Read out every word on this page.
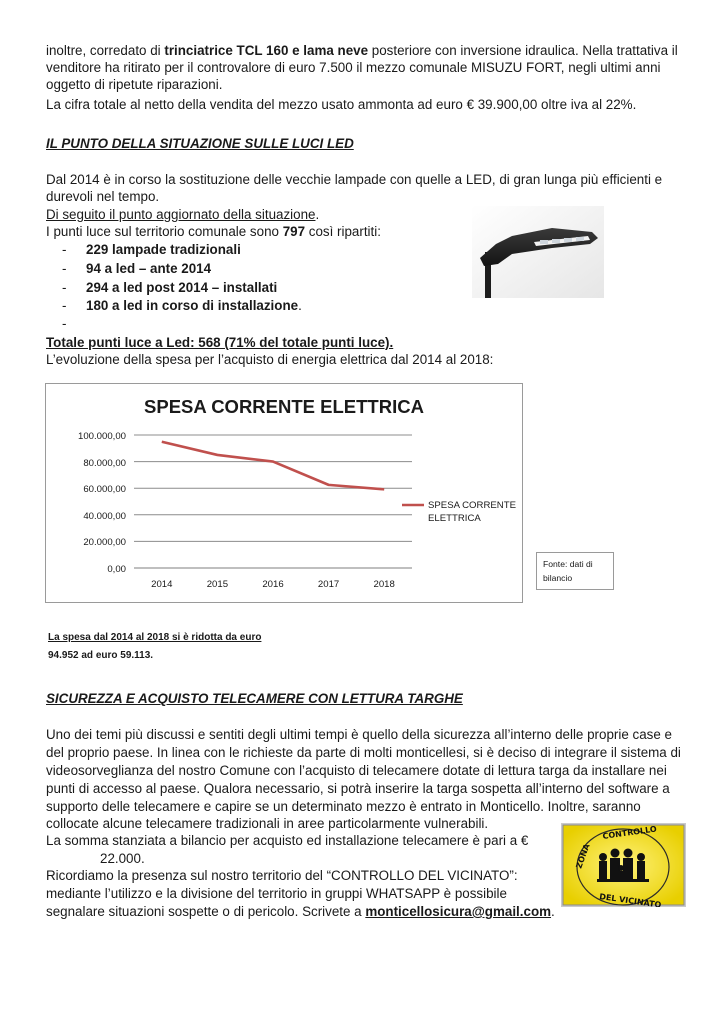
inoltre, corredato di trinciatrice TCL 160 e lama neve posteriore con inversione idraulica. Nella trattativa il
venditore ha ritirato per il controvalore di euro 7.500 il mezzo comunale MISUZU FORT, negli ultimi anni
oggetto di ripetute riparazioni.
La cifra totale al netto della vendita del mezzo usato ammonta ad euro € 39.900,00 oltre iva al 22%.
IL PUNTO DELLA SITUAZIONE SULLE LUCI LED
Dal 2014 è in corso la sostituzione delle vecchie lampade con quelle a LED, di gran lunga più efficienti e
durevoli nel tempo.
Di seguito il punto aggiornato della situazione.
I punti luce sul territorio comunale sono 797 così ripartiti:
- 229 lampade tradizionali
- 94 a led – ante 2014
- 294 a led post 2014 – installati
- 180 a led in corso di installazione.
-
Totale punti luce a Led: 568 (71% del totale punti luce).
L’evoluzione della spesa per l’acquisto di energia elettrica dal 2014 al 2018:
SPESA CORRENTE ELETTRICA
100.000,00
80.000,00
60.000,00
40.000,00
20.000,00
0,00
2014	2015	2016	2017	2018
SPESA CORRENTE
ELETTRICA
Fonte: dati di bilancio
La spesa dal 2014 al 2018 si è ridotta da euro
94.952 ad euro 59.113.
SICUREZZA E ACQUISTO TELECAMERE CON LETTURA TARGHE
Uno dei temi più discussi e sentiti degli ultimi tempi è quello della sicurezza all’interno delle proprie case e
del proprio paese. In linea con le richieste da parte di molti monticellesi, si è deciso di integrare il sistema di
videosorveglianza del nostro Comune con l’acquisto di telecamere dotate di lettura targa da installare nei
punti di accesso al paese. Qualora necessario, si potrà inserire la targa sospetta all’interno del software a
supporto delle telecamere e capire se un determinato mezzo è entrato in Monticello. Inoltre, saranno
collocate alcune telecamere tradizionali in aree particolarmente vulnerabili.
La somma stanziata a bilancio per acquisto ed installazione telecamere è pari a €
22.000.
Ricordiamo la presenza sul nostro territorio del “CONTROLLO DEL VICINATO”:
mediante l’utilizzo e la divisione del territorio in gruppi WHATSAPP è possibile
segnalare situazioni sospette o di pericolo. Scrivete a monticellosicura@gmail.com.
ZONA
CONTROLLO
DEL VICINATO
